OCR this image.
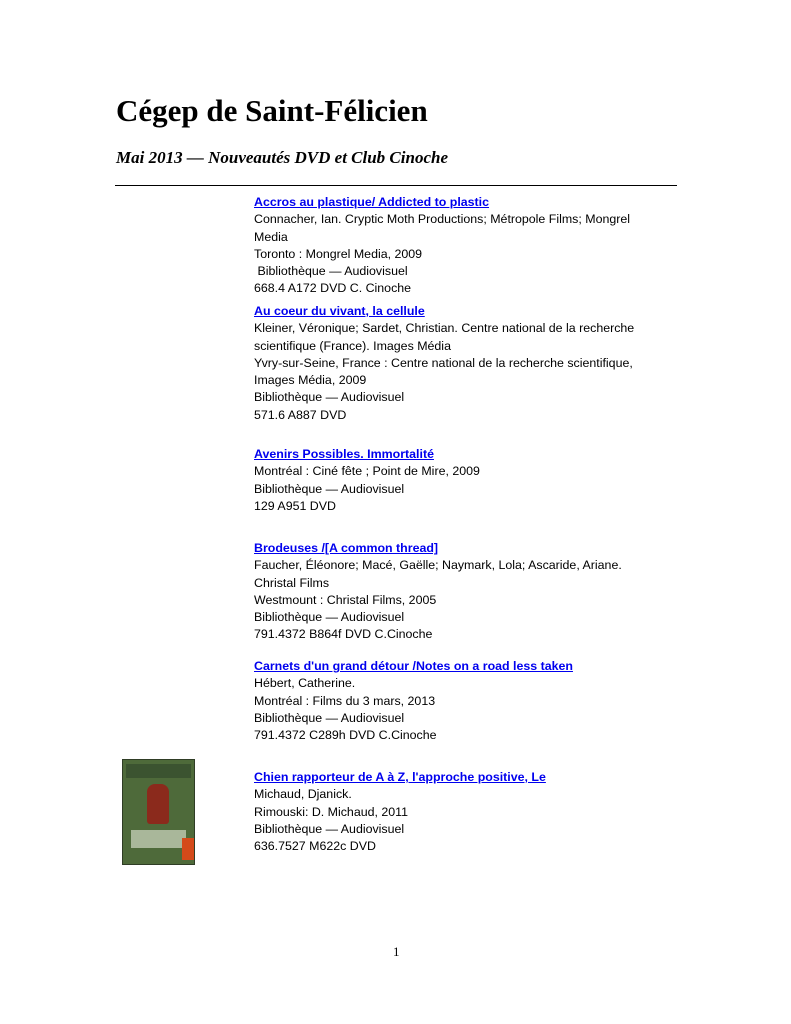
Cégep de Saint-Félicien
Mai 2013 — Nouveautés DVD et Club Cinoche
Accros au plastique/ Addicted to plastic
Connacher, Ian. Cryptic Moth Productions; Métropole Films; Mongrel
Media
Toronto : Mongrel Media, 2009
Bibliothèque — Audiovisuel
668.4 A172 DVD C. Cinoche
Au coeur du vivant, la cellule
Kleiner, Véronique; Sardet, Christian. Centre national de la recherche
scientifique (France). Images Média
Yvry-sur-Seine, France : Centre national de la recherche scientifique,
Images Média, 2009
Bibliothèque — Audiovisuel
571.6 A887 DVD
Avenirs Possibles. Immortalité
Montréal : Ciné fête ; Point de Mire, 2009
Bibliothèque — Audiovisuel
129 A951 DVD
Brodeuses /[A common thread]
Faucher, Éléonore; Macé, Gaëlle; Naymark, Lola; Ascaride, Ariane.
Christal Films
Westmount : Christal Films, 2005
Bibliothèque — Audiovisuel
791.4372 B864f DVD C.Cinoche
Carnets d'un grand détour /Notes on a road less taken
Hébert, Catherine.
Montréal : Films du 3 mars, 2013
Bibliothèque — Audiovisuel
791.4372 C289h DVD C.Cinoche
Chien rapporteur de A à Z, l'approche positive, Le
Michaud, Djanick.
Rimouski: D. Michaud, 2011
Bibliothèque — Audiovisuel
636.7527 M622c DVD
1
